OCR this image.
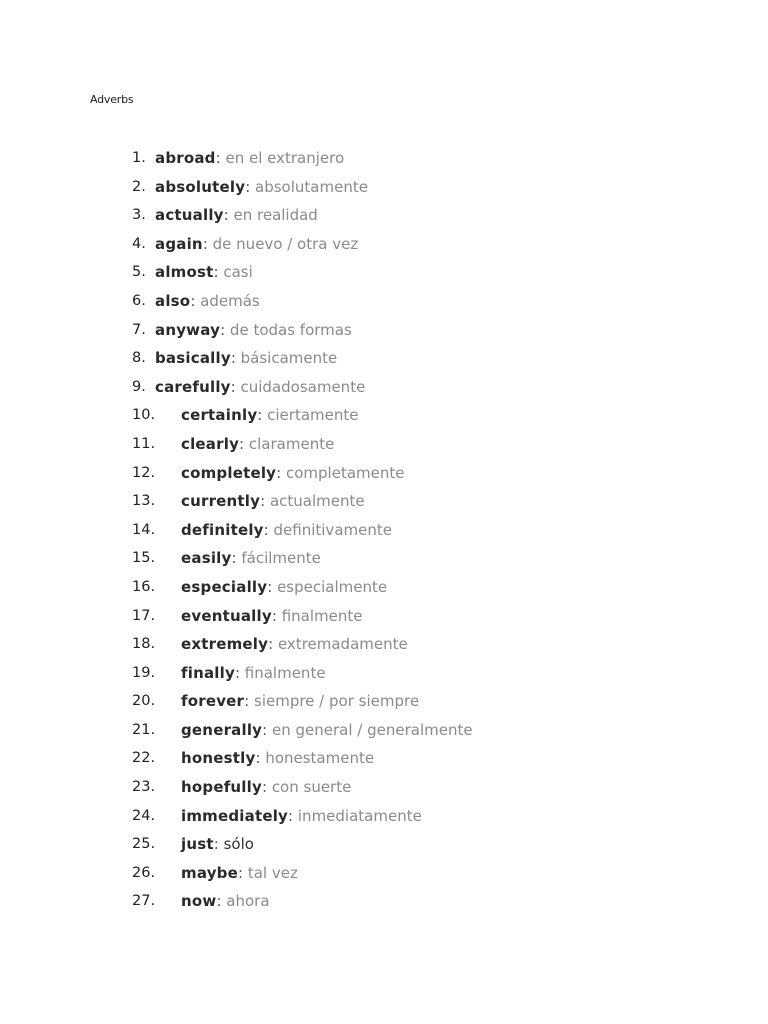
Adverbs
1. abroad: en el extranjero
2. absolutely: absolutamente
3. actually: en realidad
4. again: de nuevo / otra vez
5. almost: casi
6. also: además
7. anyway: de todas formas
8. basically: básicamente
9. carefully: cuidadosamente
10. certainly: ciertamente
11. clearly: claramente
12. completely: completamente
13. currently: actualmente
14. definitely: definitivamente
15. easily: fácilmente
16. especially: especialmente
17. eventually: finalmente
18. extremely: extremadamente
19. finally: finalmente
20. forever: siempre / por siempre
21. generally: en general / generalmente
22. honestly: honestamente
23. hopefully: con suerte
24. immediately: inmediatamente
25. just: sólo
26. maybe: tal vez
27. now: ahora
